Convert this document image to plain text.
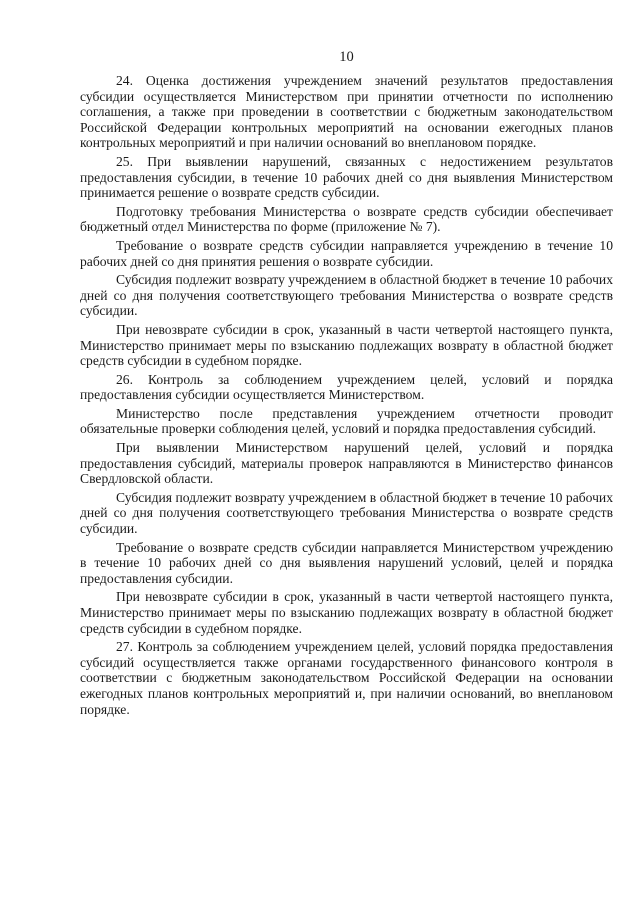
10

24. Оценка достижения учреждением значений результатов предоставления субсидии осуществляется Министерством при принятии отчетности по исполнению соглашения, а также при проведении в соответствии с бюджетным законодательством Российской Федерации контрольных мероприятий на основании ежегодных планов контрольных мероприятий и при наличии оснований во внеплановом порядке.

25. При выявлении нарушений, связанных с недостижением результатов предоставления субсидии, в течение 10 рабочих дней со дня выявления Министерством принимается решение о возврате средств субсидии.

Подготовку требования Министерства о возврате средств субсидии обеспечивает бюджетный отдел Министерства по форме (приложение № 7).

Требование о возврате средств субсидии направляется учреждению в течение 10 рабочих дней со дня принятия решения о возврате субсидии.

Субсидия подлежит возврату учреждением в областной бюджет в течение 10 рабочих дней со дня получения соответствующего требования Министерства о возврате средств субсидии.

При невозврате субсидии в срок, указанный в части четвертой настоящего пункта, Министерство принимает меры по взысканию подлежащих возврату в областной бюджет средств субсидии в судебном порядке.

26. Контроль за соблюдением учреждением целей, условий и порядка предоставления субсидии осуществляется Министерством.

Министерство после представления учреждением отчетности проводит обязательные проверки соблюдения целей, условий и порядка предоставления субсидий.

При выявлении Министерством нарушений целей, условий и порядка предоставления субсидий, материалы проверок направляются в Министерство финансов Свердловской области.

Субсидия подлежит возврату учреждением в областной бюджет в течение 10 рабочих дней со дня получения соответствующего требования Министерства о возврате средств субсидии.

Требование о возврате средств субсидии направляется Министерством учреждению в течение 10 рабочих дней со дня выявления нарушений условий, целей и порядка предоставления субсидии.

При невозврате субсидии в срок, указанный в части четвертой настоящего пункта, Министерство принимает меры по взысканию подлежащих возврату в областной бюджет средств субсидии в судебном порядке.

27. Контроль за соблюдением учреждением целей, условий порядка предоставления субсидий осуществляется также органами государственного финансового контроля в соответствии с бюджетным законодательством Российской Федерации на основании ежегодных планов контрольных мероприятий и, при наличии оснований, во внеплановом порядке.
